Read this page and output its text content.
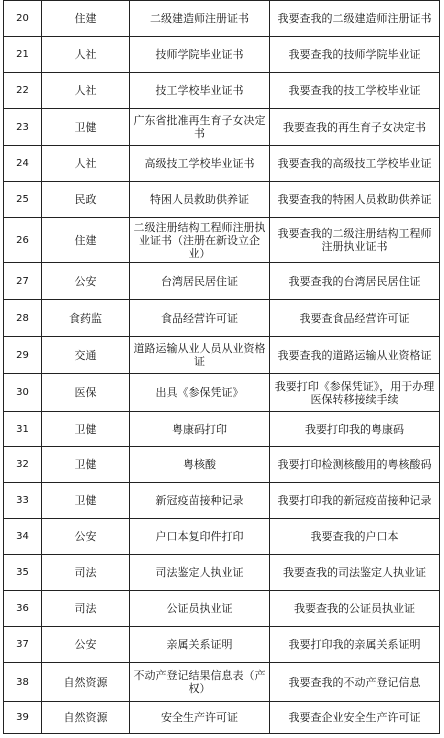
20	住建	二级建造师注册证书	我要查我的二级建造师注册证书
21	人社	技师学院毕业证书	我要查我的技师学院毕业证
22	人社	技工学校毕业证书	我要查我的技工学校毕业证
23	卫健	广东省批准再生育子女决定书	我要查我的再生育子女决定书
24	人社	高级技工学校毕业证书	我要查我的高级技工学校毕业证
25	民政	特困人员救助供养证	我要查我的特困人员救助供养证
26	住建	二级注册结构工程师注册执业证书（注册在新设立企业）	我要查我的二级注册结构工程师注册执业证书
27	公安	台湾居民居住证	我要查我的台湾居民居住证
28	食药监	食品经营许可证	我要查食品经营许可证
29	交通	道路运输从业人员从业资格证	我要查我的道路运输从业资格证
30	医保	出具《参保凭证》	我要打印《参保凭证》，用于办理医保转移接续手续
31	卫健	粤康码打印	我要打印我的粤康码
32	卫健	粤核酸	我要打印检测核酸用的粤核酸码
33	卫健	新冠疫苗接种记录	我要打印我的新冠疫苗接种记录
34	公安	户口本复印件打印	我要查我的户口本
35	司法	司法鉴定人执业证	我要查我的司法鉴定人执业证
36	司法	公证员执业证	我要查我的公证员执业证
37	公安	亲属关系证明	我要打印我的亲属关系证明
38	自然资源	不动产登记结果信息表（产权）	我要查我的不动产登记信息
39	自然资源	安全生产许可证	我要查企业安全生产许可证
